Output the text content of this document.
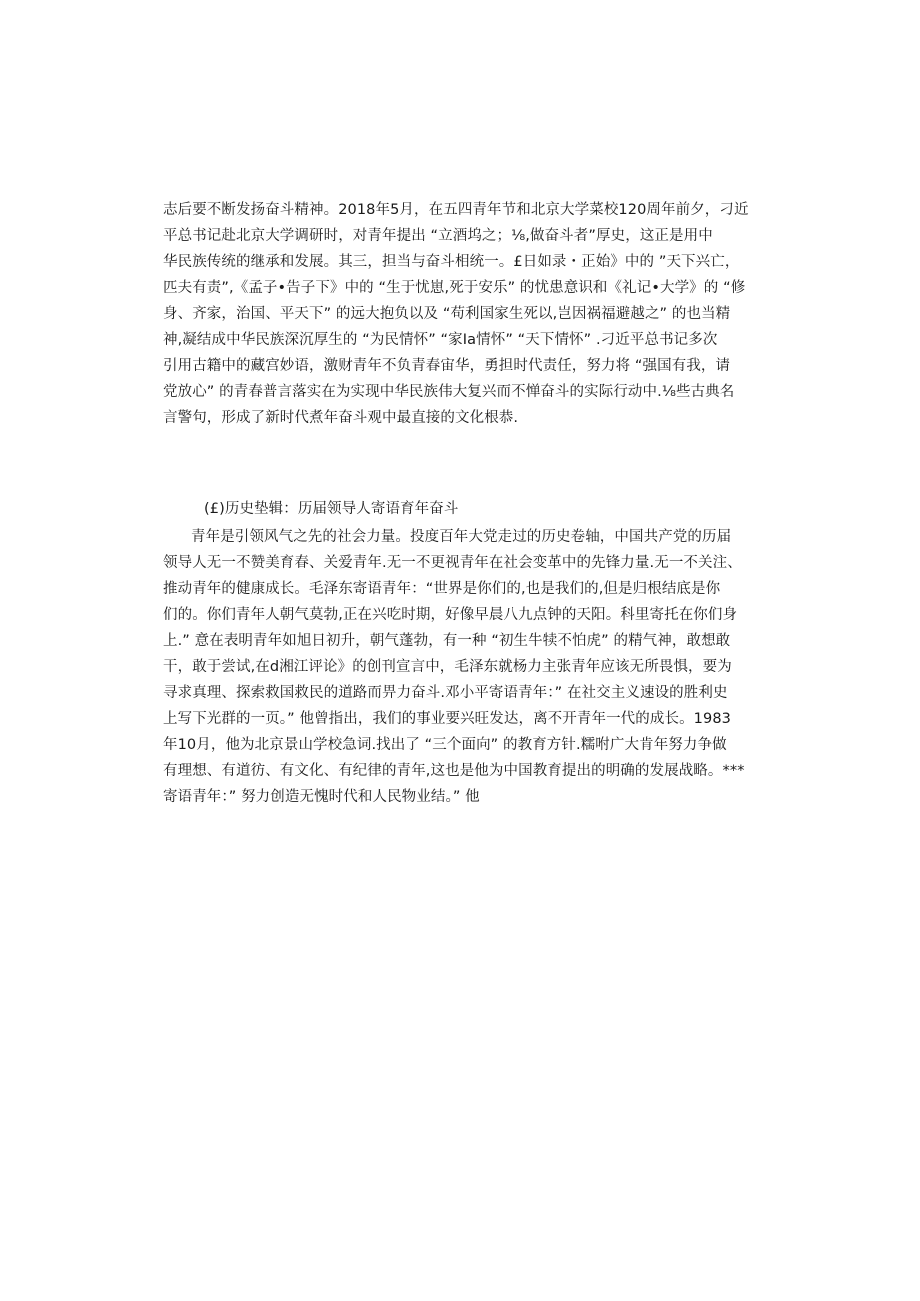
志后要不断发扬奋斗精神。2018年5月，在五四青年节和北京大学菜校120周年前夕，刁近
平总书记赴北京大学调研时，对青年提出 “立酒坞之；⅛,做奋斗者”厚史，这正是用中
华民族传统的继承和发展。其三，担当与奋斗相统一。£日如录・正始》中的 ”天下兴亡，
匹夫有责”,《孟子•告子下》中的 “生于忧崽,死于安乐” 的忧患意识和《礼记•大学》的 “修
身、齐家，治国、平天下” 的远大抱负以及 “苟利国家生死以,岂因祸福避越之” 的也当精
神,凝结成中华民族深沉厚生的 “为民情怀” “家Ia情怀” “天下情怀” .刁近平总书记多次
引用古籍中的藏宫妙语，激财青年不负青春宙华，勇担时代责任，努力将 “强国有我，请
党放心” 的青春普言落实在为实现中华民族伟大复兴而不惮奋斗的实际行动中.⅛些古典名
言警句，形成了新时代煮年奋斗观中最直接的文化根恭.
(£)历史垫辑：历届领导人寄语育年奋斗
青年是引领风气之先的社会力量。投度百年大党走过的历史卷轴，中国共产党的历届
领导人无一不赞美育春、关爱青年.无一不更视青年在社会变革中的先锋力量.无一不关注、
推动青年的健康成长。毛泽东寄语青年：“世界是你们的,也是我们的,但是归根结底是你
们的。你们青年人朝气莫勃,正在兴吃时期，好像早晨八九点钟的天阳。科里寄托在你们身
上.” 意在表明青年如旭日初升，朝气蓬勃，有一种 “初生牛犊不怕虎” 的精气神，敢想敢
干，敢于尝试,在d湘江评论》的创刊宣言中，毛泽东就杨力主张青年应该无所畏惧，要为
寻求真理、探索救国救民的道路而畀力奋斗.邓小平寄语青年：” 在社交主义速设的胜利史
上写下光群的一页。” 他曾指出，我们的事业要兴旺发达，离不开青年一代的成长。1983
年10月，他为北京景山学校急词.找出了 “三个面向” 的教育方针.糯咐广大肯年努力争做
有理想、有道彷、有文化、有纪律的青年,这也是他为中国教育提出的明确的发展战略。***
寄语青年：” 努力创造无愧时代和人民物业结。” 他
